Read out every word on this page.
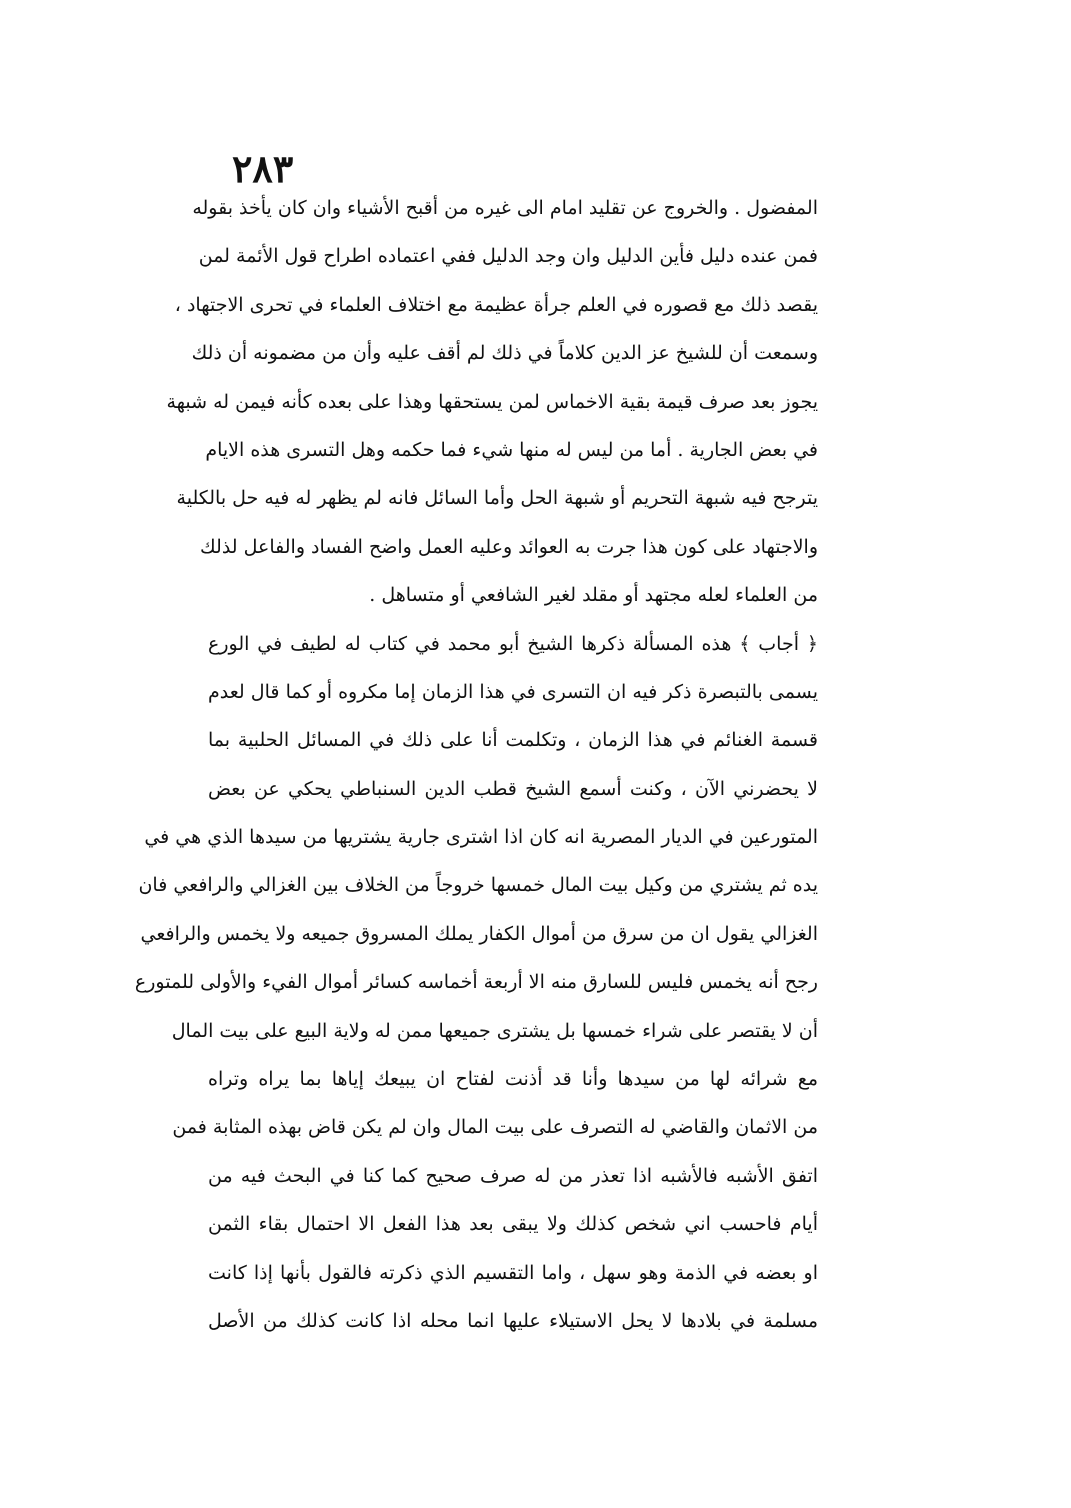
٢٨٣
المفضول . والخروج عن تقليد امام الى غيره من أقبح الأشياء وان كان يأخذ بقوله
فمن عنده دليل فأين الدليل وان وجد الدليل ففي اعتماده اطراح قول الأئمة لمن
يقصد ذلك مع قصوره في العلم جرأة عظيمة مع اختلاف العلماء في تحرى الاجتهاد ،
وسمعت أن للشيخ عز الدين كلاماً في ذلك لم أقف عليه وأن من مضمونه أن ذلك
يجوز بعد صرف قيمة بقية الاخماس لمن يستحقها وهذا على بعده كأنه فيمن له شبهة
في بعض الجارية . أما من ليس له منها شيء فما حكمه وهل التسرى هذه الايام
يترجح فيه شبهة التحريم أو شبهة الحل وأما السائل فانه لم يظهر له فيه حل بالكلية
والاجتهاد على كون هذا جرت به العوائد وعليه العمل واضح الفساد والفاعل لذلك
من العلماء لعله مجتهد أو مقلد لغير الشافعي أو متساهل .
﴿ أجاب ﴾ هذه المسألة ذكرها الشيخ أبو محمد في كتاب له لطيف في الورع
يسمى بالتبصرة ذكر فيه ان التسرى في هذا الزمان إما مكروه أو كما قال لعدم
قسمة الغنائم في هذا الزمان ، وتكلمت أنا على ذلك في المسائل الحلبية بما
لا يحضرني الآن ، وكنت أسمع الشيخ قطب الدين السنباطي يحكي عن بعض
المتورعين في الديار المصرية انه كان اذا اشترى جارية يشتريها من سيدها الذي هي في
يده ثم يشتري من وكيل بيت المال خمسها خروجاً من الخلاف بين الغزالي والرافعي فان
الغزالي يقول ان من سرق من أموال الكفار يملك المسروق جميعه ولا يخمس والرافعي
رجح أنه يخمس فليس للسارق منه الا أربعة أخماسه كسائر أموال الفيء والأولى للمتورع
أن لا يقتصر على شراء خمسها بل يشترى جميعها ممن له ولاية البيع على بيت المال
مع شرائه لها من سيدها وأنا قد أذنت لفتاح ان يبيعك إياها بما يراه وتراه
من الاثمان والقاضي له التصرف على بيت المال وان لم يكن قاض بهذه المثابة فمن
اتفق الأشبه فالأشبه اذا تعذر من له صرف صحيح كما كنا في البحث فيه من
أيام فاحسب اني شخص كذلك ولا يبقى بعد هذا الفعل الا احتمال بقاء الثمن
او بعضه في الذمة وهو سهل ، واما التقسيم الذي ذكرته فالقول بأنها إذا كانت
مسلمة في بلادها لا يحل الاستيلاء عليها انما محله اذا كانت كذلك من الأصل
